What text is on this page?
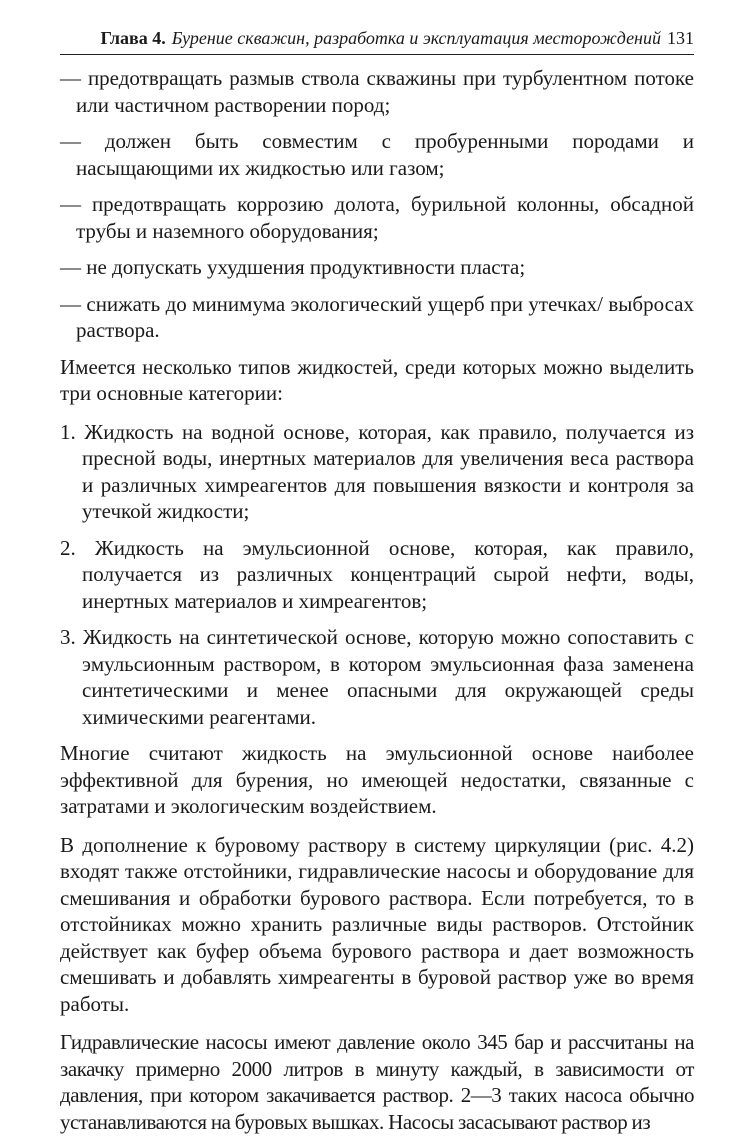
Глава 4. Бурение скважин, разработка и эксплуатация месторождений 131
— предотвращать размыв ствола скважины при турбулентном потоке или частичном растворении пород;
— должен быть совместим с пробуренными породами и насыщающими их жидкостью или газом;
— предотвращать коррозию долота, бурильной колонны, обсадной трубы и наземного оборудования;
— не допускать ухудшения продуктивности пласта;
— снижать до минимума экологический ущерб при утечках/ выбросах раствора.
Имеется несколько типов жидкостей, среди которых можно выделить три основные категории:
1. Жидкость на водной основе, которая, как правило, получается из пресной воды, инертных материалов для увеличения веса раствора и различных химреагентов для повышения вязкости и контроля за утечкой жидкости;
2. Жидкость на эмульсионной основе, которая, как правило, получается из различных концентраций сырой нефти, воды, инертных материалов и химреагентов;
3. Жидкость на синтетической основе, которую можно сопоставить с эмульсионным раствором, в котором эмульсионная фаза заменена синтетическими и менее опасными для окружающей среды химическими реагентами.
Многие считают жидкость на эмульсионной основе наиболее эффективной для бурения, но имеющей недостатки, связанные с затратами и экологическим воздействием.
В дополнение к буровому раствору в систему циркуляции (рис. 4.2) входят также отстойники, гидравлические насосы и оборудование для смешивания и обработки бурового раствора. Если потребуется, то в отстойниках можно хранить различные виды растворов. Отстойник действует как буфер объема бурового раствора и дает возможность смешивать и добавлять химреагенты в буровой раствор уже во время работы.
Гидравлические насосы имеют давление около 345 бар и рассчитаны на закачку примерно 2000 литров в минуту каждый, в зависимости от давления, при котором закачивается раствор. 2—3 таких насоса обычно устанавливаются на буровых вышках. Насосы засасывают раствор из
